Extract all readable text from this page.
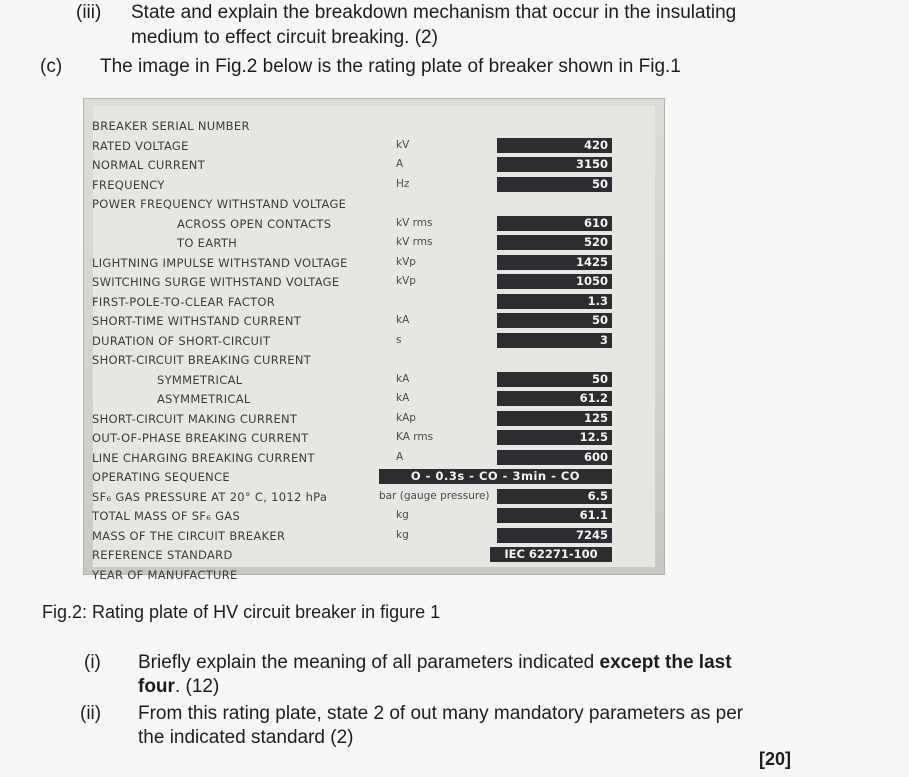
(iii) State and explain the breakdown mechanism that occur in the insulating
medium to effect circuit breaking. (2)
(c) The image in Fig.2 below is the rating plate of breaker shown in Fig.1
BREAKER SERIAL NUMBER
RATED VOLTAGE	kV	420
NORMAL CURRENT	A	3150
FREQUENCY	Hz	50
POWER FREQUENCY WITHSTAND VOLTAGE
ACROSS OPEN CONTACTS	kV rms	610
TO EARTH	kV rms	520
LIGHTNING IMPULSE WITHSTAND VOLTAGE	kVp	1425
SWITCHING SURGE WITHSTAND VOLTAGE	kVp	1050
FIRST-POLE-TO-CLEAR FACTOR	1.3
SHORT-TIME WITHSTAND CURRENT	kA	50
DURATION OF SHORT-CIRCUIT	s	3
SHORT-CIRCUIT BREAKING CURRENT
SYMMETRICAL	kA	50
ASYMMETRICAL	kA	61.2
SHORT-CIRCUIT MAKING CURRENT	kAp	125
OUT-OF-PHASE BREAKING CURRENT	KA rms	12.5
LINE CHARGING BREAKING CURRENT	A	600
OPERATING SEQUENCE	O - 0.3s - CO - 3min - CO
SF₆ GAS PRESSURE AT 20° C, 1012 hPa	bar (gauge pressure)	6.5
TOTAL MASS OF SF₆ GAS	kg	61.1
MASS OF THE CIRCUIT BREAKER	kg	7245
REFERENCE STANDARD	IEC 62271-100
YEAR OF MANUFACTURE
Fig.2: Rating plate of HV circuit breaker in figure 1
(i) Briefly explain the meaning of all parameters indicated except the last
four. (12)
(ii) From this rating plate, state 2 of out many mandatory parameters as per
the indicated standard (2)
[20]
